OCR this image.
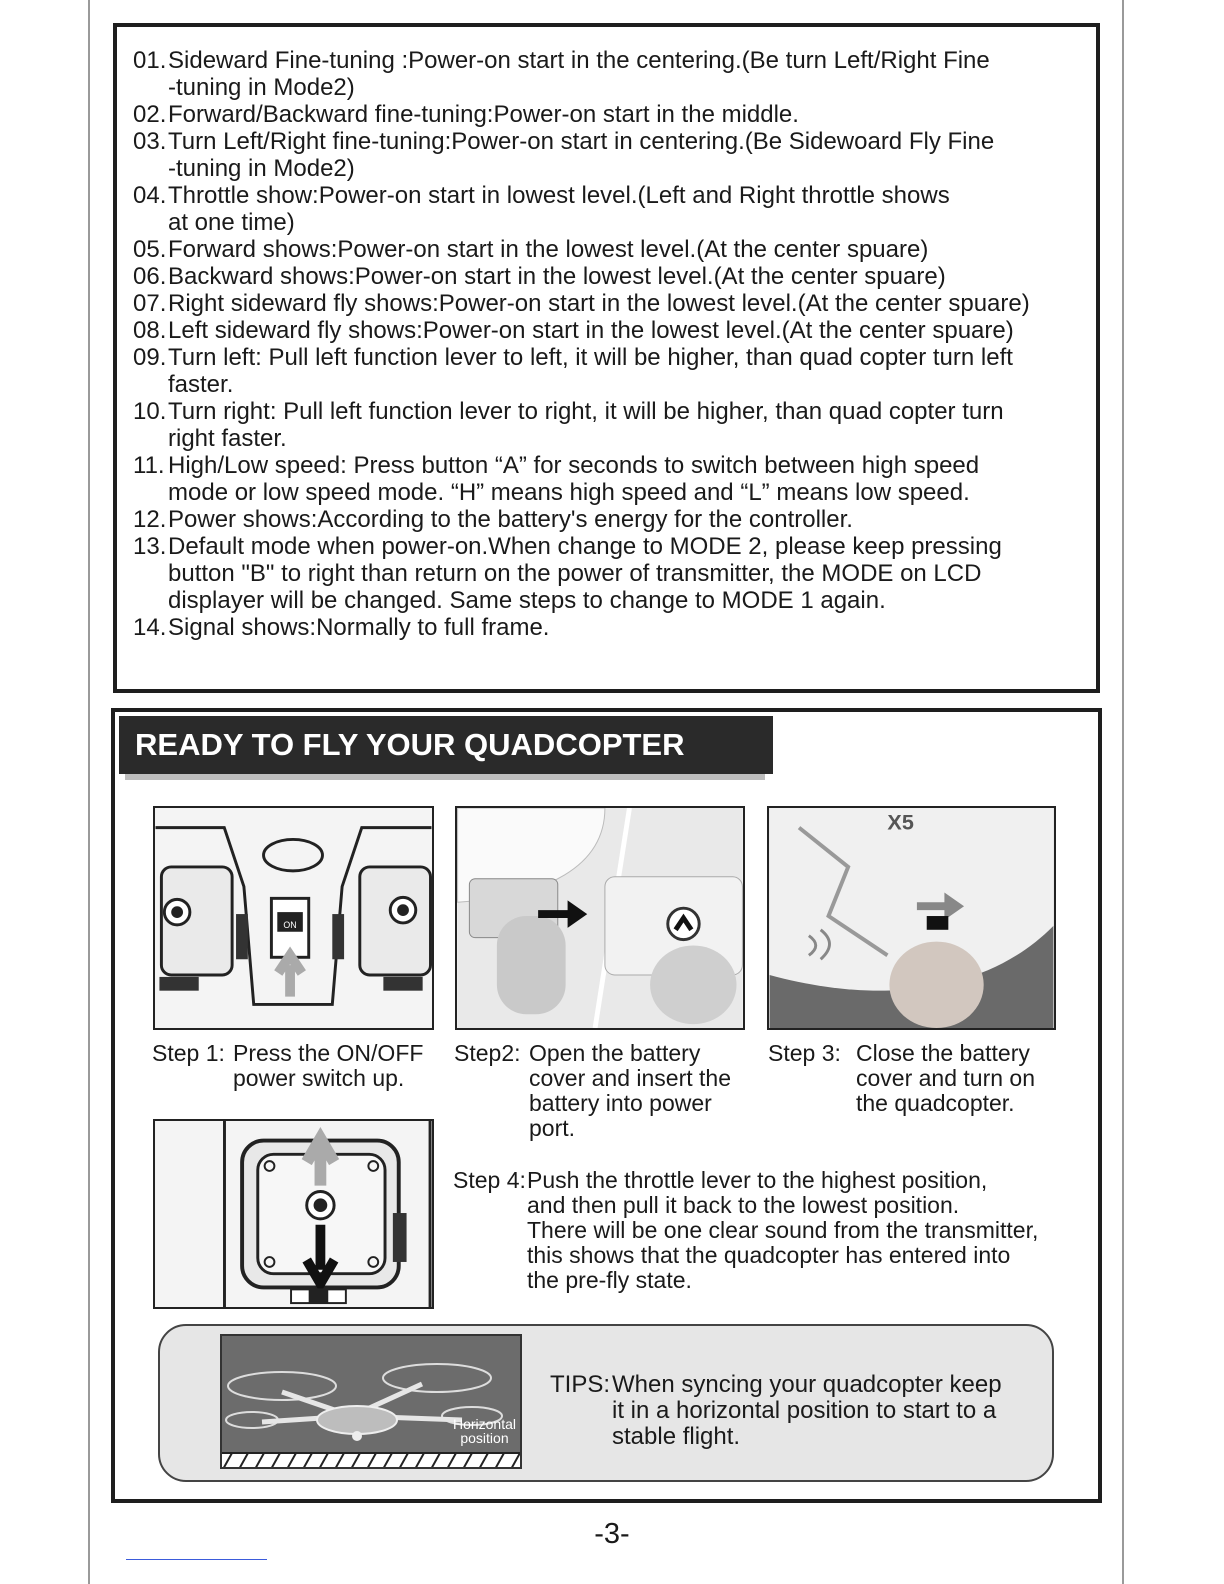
01. Sideward Fine-tuning :Power-on start in the centering.(Be turn Left/Right Fine
-tuning in Mode2)
02. Forward/Backward fine-tuning:Power-on start in the middle.
03. Turn Left/Right fine-tuning:Power-on start in centering.(Be Sidewoard Fly Fine
-tuning in Mode2)
04. Throttle show:Power-on start in lowest level.(Left and Right throttle shows
at one time)
05. Forward shows:Power-on start in the lowest level.(At the center spuare)
06. Backward shows:Power-on start in the lowest level.(At the center spuare)
07. Right sideward fly shows:Power-on start in the lowest level.(At the center spuare)
08. Left sideward fly shows:Power-on start in the lowest level.(At the center spuare)
09. Turn left: Pull left function lever to left, it will be higher, than quad copter turn left
faster.
10. Turn right: Pull left function lever to right, it will be higher, than quad copter turn
right faster.
11. High/Low speed: Press button “A” for seconds to switch between high speed
mode or low speed mode. “H” means high speed and “L” means low speed.
12. Power shows:According to the battery's energy for the controller.
13. Default mode when power-on.When change to MODE 2, please keep pressing
button "B" to right than return on the power of transmitter, the MODE on LCD
displayer will be changed. Same steps to change to MODE 1 again.
14. Signal shows:Normally to full frame.
READY TO FLY YOUR QUADCOPTER
ON
X5
Step 1: Press the ON/OFF
power switch up.
Step2: Open the battery
cover and insert the
battery into power
port.
Step 3: Close the battery
cover and turn on
the quadcopter.
Step 4: Push the throttle lever to the highest position,
and then pull it back to the lowest position.
There will be one clear sound from the transmitter,
this shows that the quadcopter has entered into
the pre-fly state.
Horizontal
position
TIPS: When syncing your quadcopter keep
it in a horizontal position to start to a
stable flight.
-3-
